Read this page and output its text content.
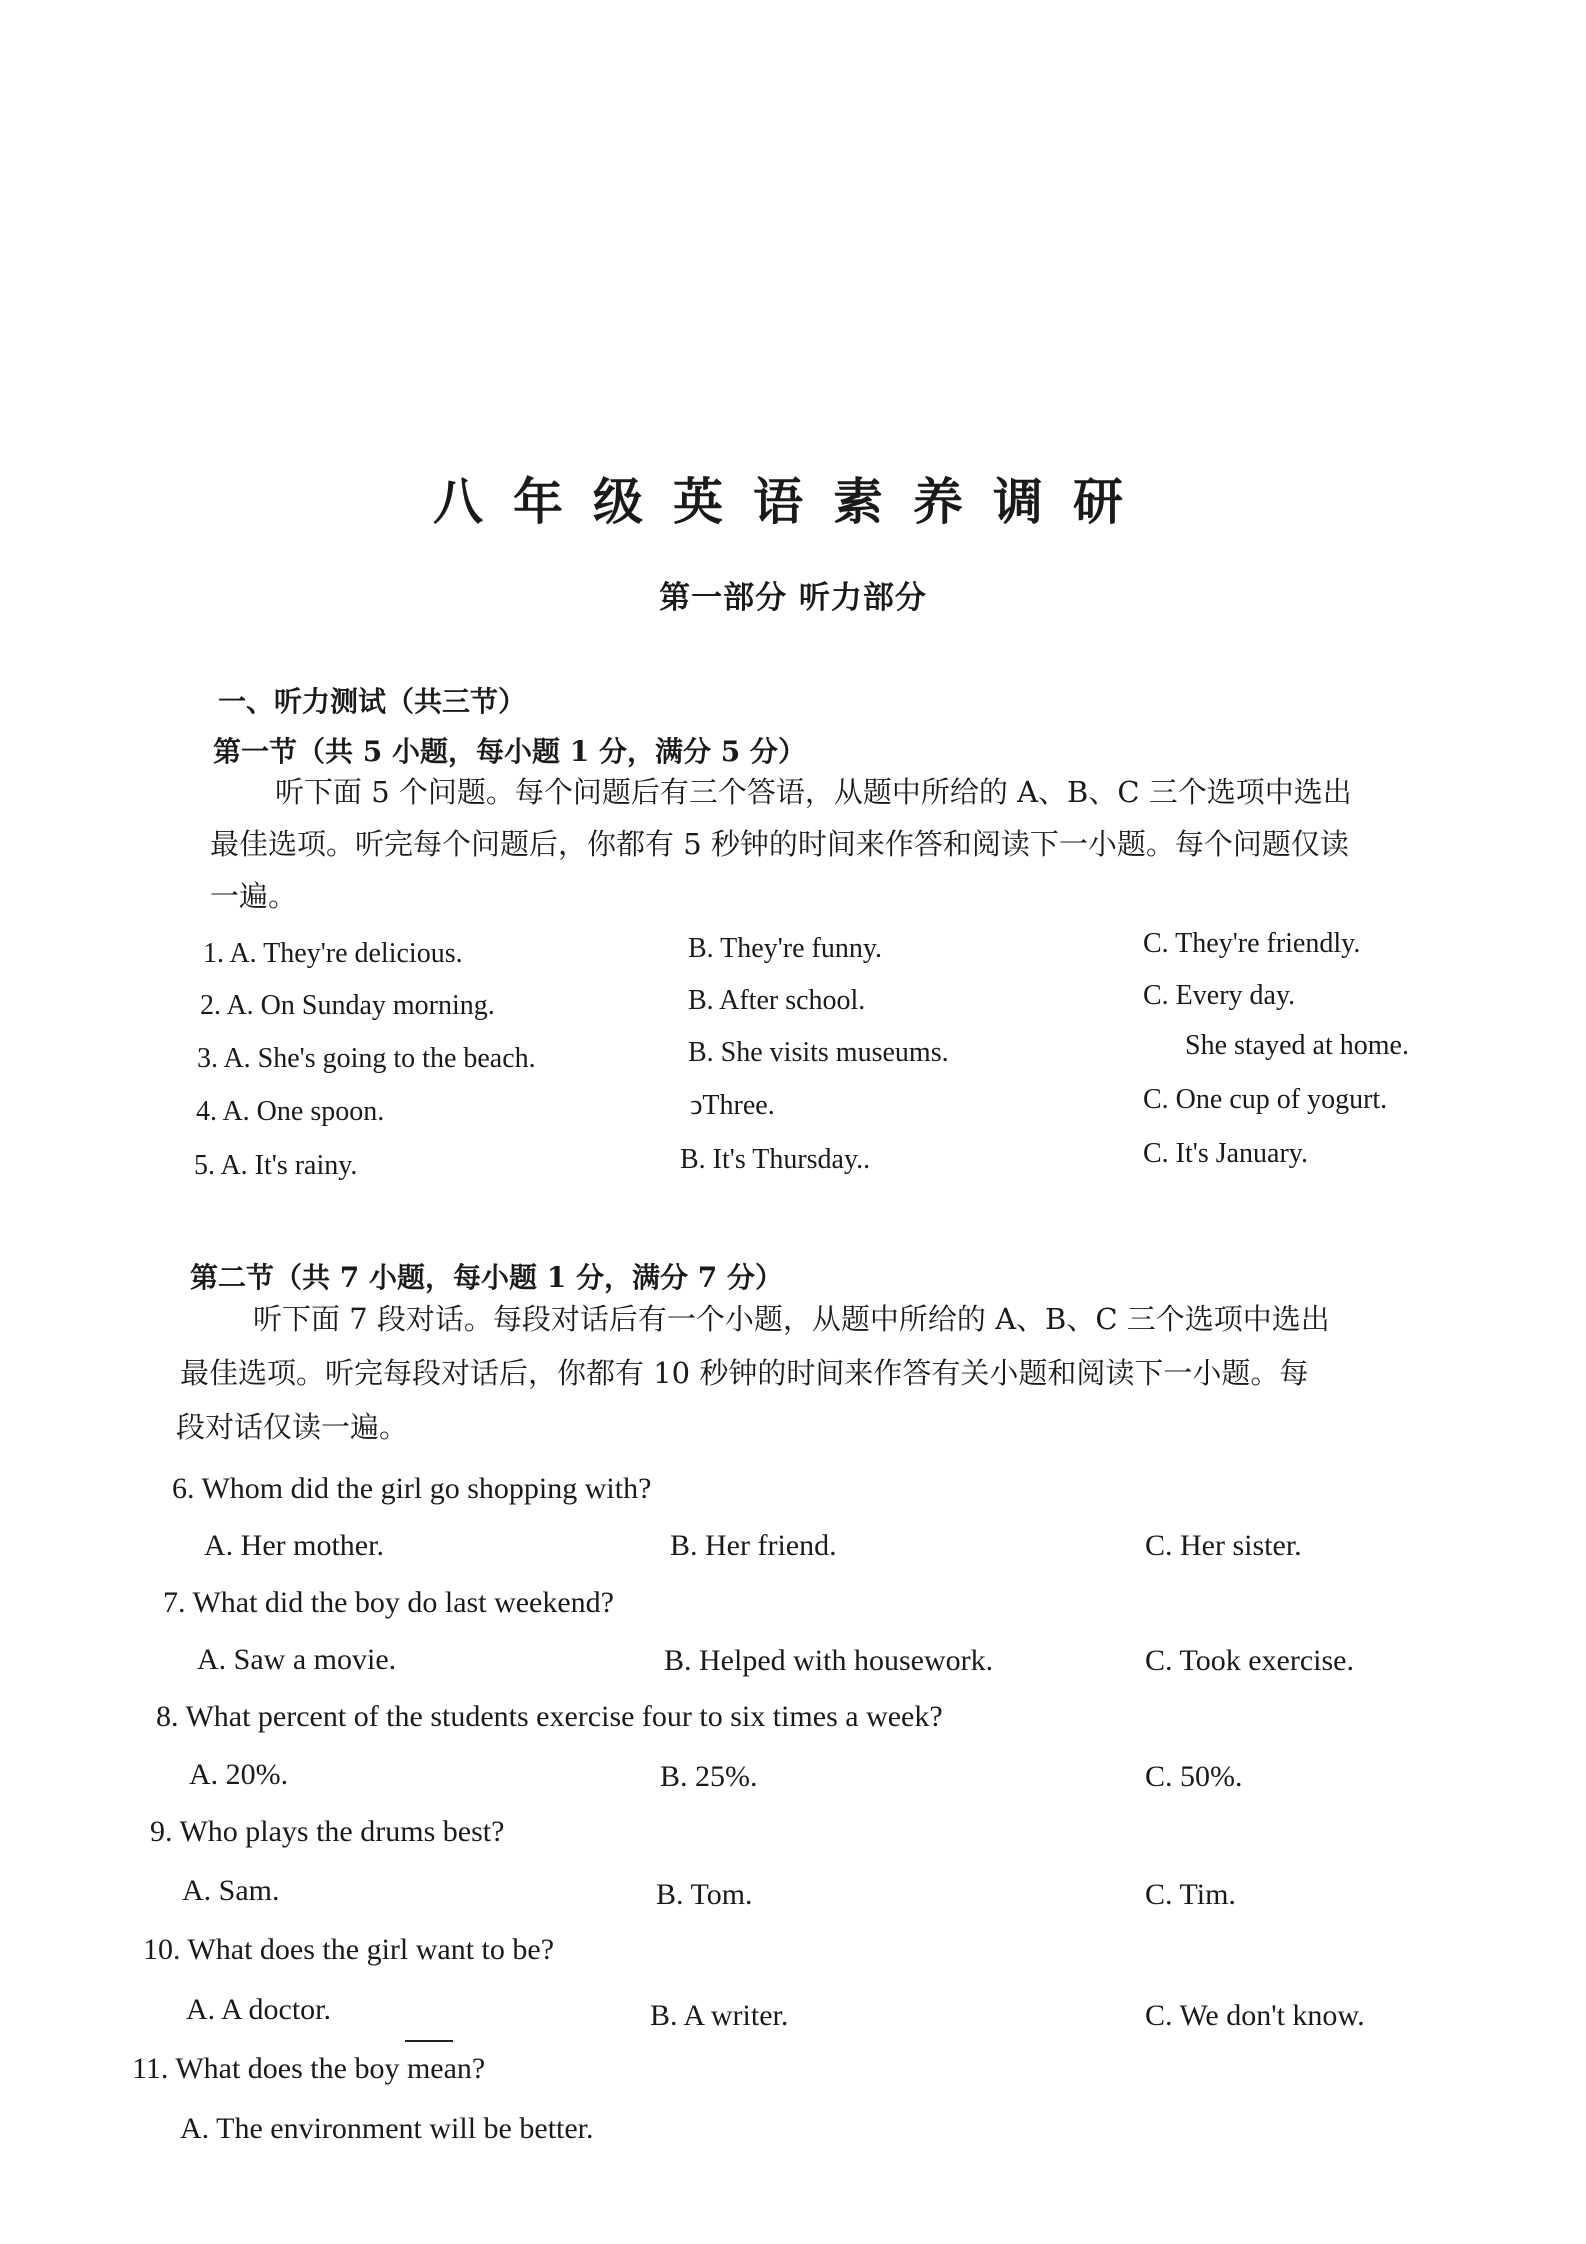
八年级英语素养调研
第一部分 听力部分
一、听力测试（共三节）
第一节（共 5 小题，每小题 1 分，满分 5 分）
听下面 5 个问题。每个问题后有三个答语，从题中所给的 A、B、C 三个选项中选出
最佳选项。听完每个问题后，你都有 5 秒钟的时间来作答和阅读下一小题。每个问题仅读
一遍。
1. A. They're delicious.	B. They're funny.	C. They're friendly.
2. A. On Sunday morning.	B. After school.	C. Every day.
3. A. She's going to the beach.	B. She visits museums.	She stayed at home.
4. A. One spoon.	ↄThree.	C. One cup of yogurt.
5. A. It's rainy.	B. It's Thursday..	C. It's January.
第二节（共 7 小题，每小题 1 分，满分 7 分）
听下面 7 段对话。每段对话后有一个小题，从题中所给的 A、B、C 三个选项中选出
最佳选项。听完每段对话后，你都有 10 秒钟的时间来作答有关小题和阅读下一小题。每
段对话仅读一遍。
6. Whom did the girl go shopping with?
A. Her mother.	B. Her friend.	C. Her sister.
7. What did the boy do last weekend?
A. Saw a movie.	B. Helped with housework.	C. Took exercise.
8. What percent of the students exercise four to six times a week?
A. 20%.	B. 25%.	C. 50%.
9. Who plays the drums best?
A. Sam.	B. Tom.	C. Tim.
10. What does the girl want to be?
A. A doctor.	B. A writer.	C. We don't know.
11. What does the boy mean?
A. The environment will be better.
